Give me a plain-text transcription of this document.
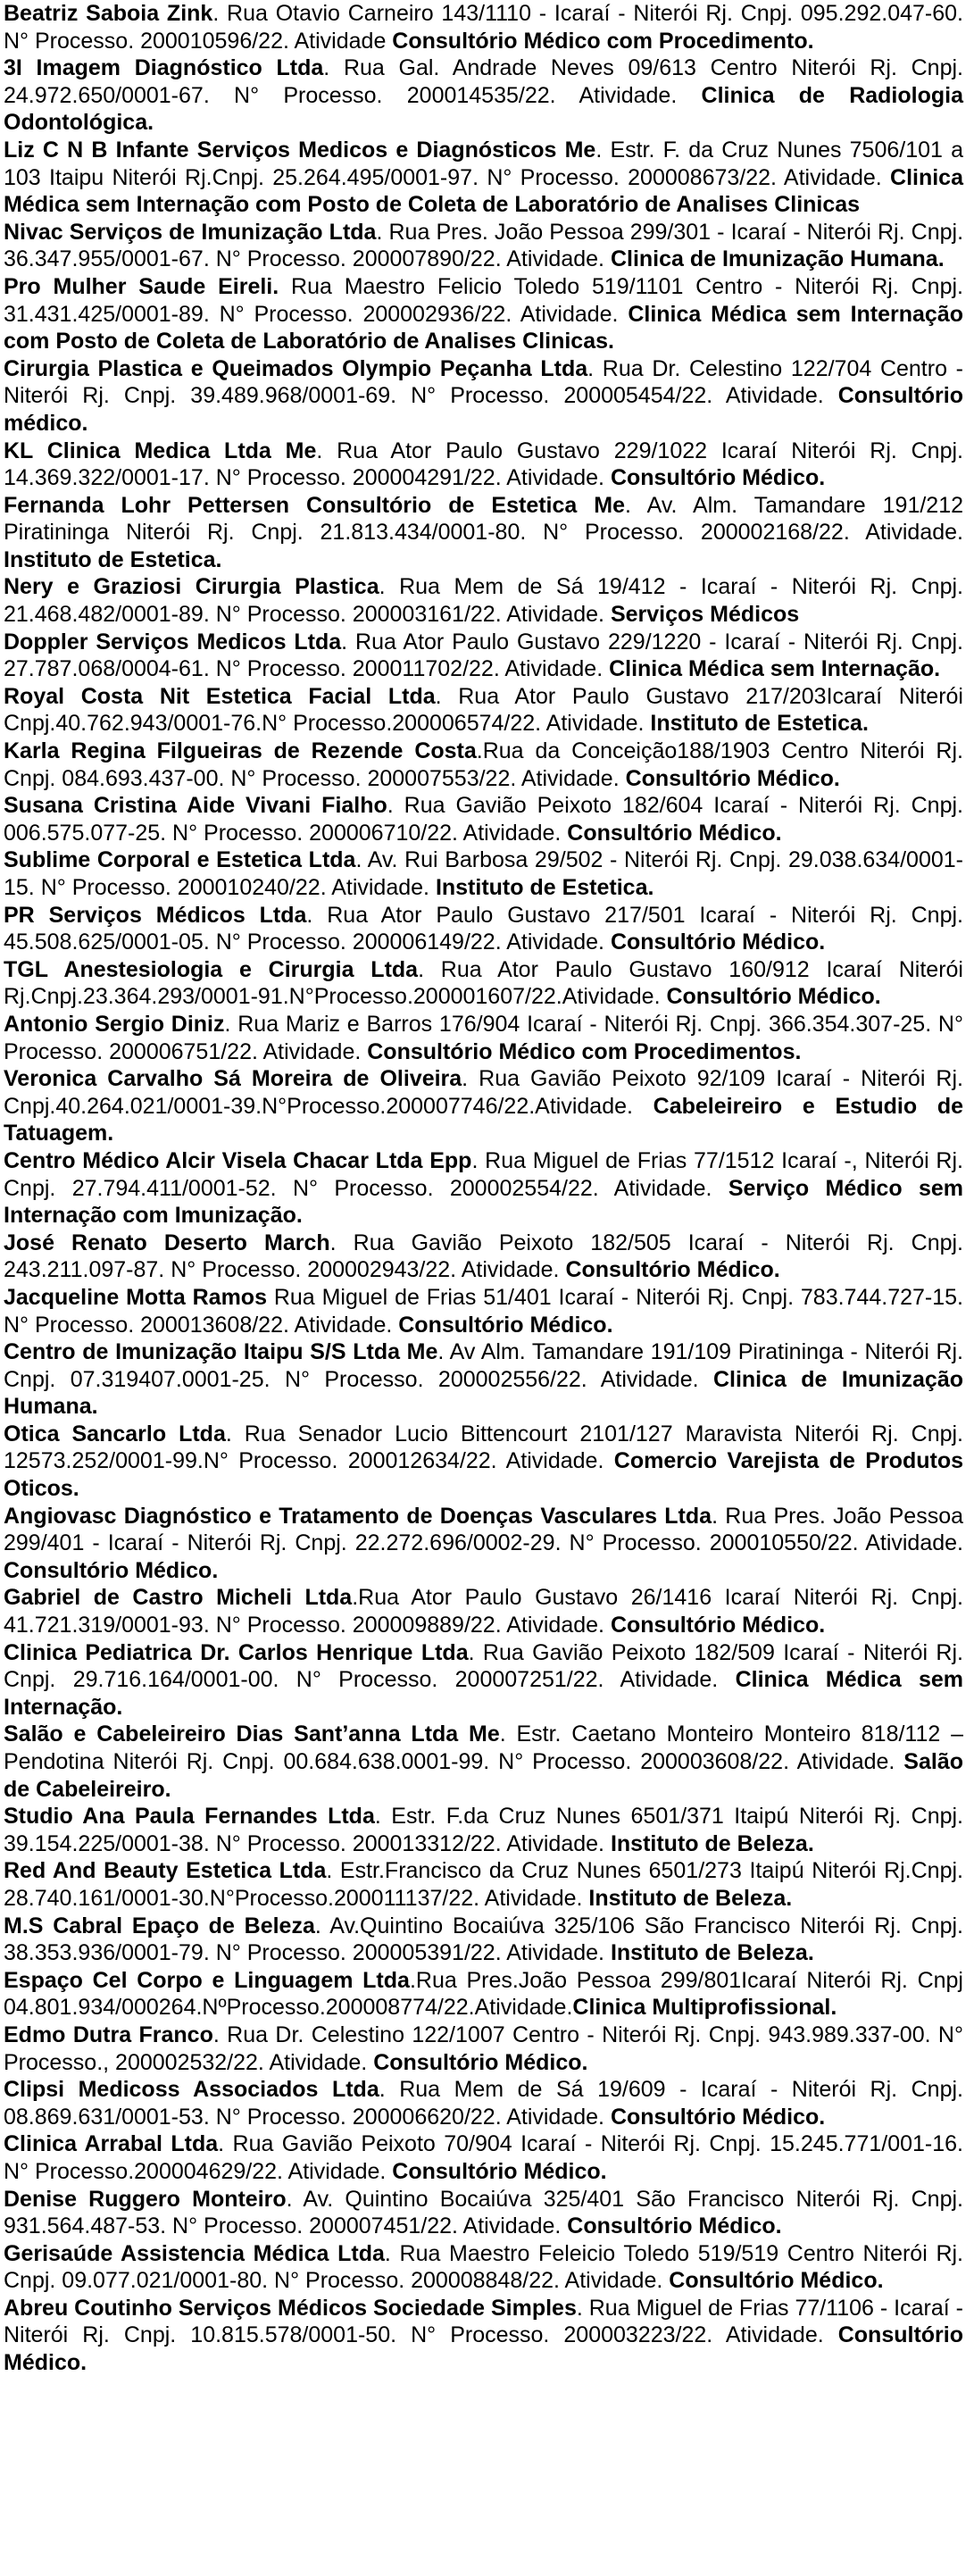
Beatriz Saboia Zink. Rua Otavio Carneiro 143/1110 - Icaraí - Niterói Rj. Cnpj. 095.292.047-60. N° Processo. 200010596/22. Atividade Consultório Médico com Procedimento.

3I Imagem Diagnóstico Ltda. Rua Gal. Andrade Neves 09/613 Centro Niterói Rj. Cnpj. 24.972.650/0001-67. N° Processo. 200014535/22. Atividade. Clinica de Radiologia Odontológica.

Liz C N B Infante Serviços Medicos e Diagnósticos Me. Estr. F. da Cruz Nunes 7506/101 a 103 Itaipu Niterói Rj.Cnpj. 25.264.495/0001-97. N° Processo. 200008673/22. Atividade. Clinica Médica sem Internação com Posto de Coleta de Laboratório de Analises Clinicas

Nivac Serviços de Imunização Ltda. Rua Pres. João Pessoa 299/301 - Icaraí - Niterói Rj. Cnpj. 36.347.955/0001-67. N° Processo. 200007890/22. Atividade. Clinica de Imunização Humana.

Pro Mulher Saude Eireli. Rua Maestro Felicio Toledo 519/1101 Centro - Niterói Rj. Cnpj. 31.431.425/0001-89. N° Processo. 200002936/22. Atividade. Clinica Médica sem Internação com Posto de Coleta de Laboratório de Analises Clinicas.

Cirurgia Plastica e Queimados Olympio Peçanha Ltda. Rua Dr. Celestino 122/704 Centro - Niterói Rj. Cnpj. 39.489.968/0001-69. N° Processo. 200005454/22. Atividade. Consultório médico.

KL Clinica Medica Ltda Me. Rua Ator Paulo Gustavo 229/1022 Icaraí Niterói Rj. Cnpj. 14.369.322/0001-17. N° Processo. 200004291/22. Atividade. Consultório Médico.

Fernanda Lohr Pettersen Consultório de Estetica Me. Av. Alm. Tamandare 191/212 Piratininga Niterói Rj. Cnpj. 21.813.434/0001-80. N° Processo. 200002168/22. Atividade. Instituto de Estetica.

Nery e Graziosi Cirurgia Plastica. Rua Mem de Sá 19/412 - Icaraí - Niterói Rj. Cnpj. 21.468.482/0001-89. N° Processo. 200003161/22. Atividade. Serviços Médicos

Doppler Serviços Medicos Ltda. Rua Ator Paulo Gustavo 229/1220 - Icaraí - Niterói Rj. Cnpj. 27.787.068/0004-61. N° Processo. 200011702/22. Atividade. Clinica Médica sem Internação.

Royal Costa Nit Estetica Facial Ltda. Rua Ator Paulo Gustavo 217/203Icaraí Niterói Cnpj.40.762.943/0001-76.N° Processo.200006574/22. Atividade. Instituto de Estetica.

Karla Regina Filgueiras de Rezende Costa.Rua da Conceição188/1903 Centro Niterói Rj. Cnpj. 084.693.437-00. N° Processo. 200007553/22. Atividade. Consultório Médico.

Susana Cristina Aide Vivani Fialho. Rua Gavião Peixoto 182/604 Icaraí - Niterói Rj. Cnpj. 006.575.077-25. N° Processo. 200006710/22. Atividade. Consultório Médico.

Sublime Corporal e Estetica Ltda. Av. Rui Barbosa 29/502 - Niterói Rj. Cnpj. 29.038.634/0001-15. N° Processo. 200010240/22. Atividade. Instituto de Estetica.

PR Serviços Médicos Ltda. Rua Ator Paulo Gustavo 217/501 Icaraí - Niterói Rj. Cnpj. 45.508.625/0001-05. N° Processo. 200006149/22. Atividade. Consultório Médico.

TGL Anestesiologia e Cirurgia Ltda. Rua Ator Paulo Gustavo 160/912 Icaraí Niterói Rj.Cnpj.23.364.293/0001-91.N°Processo.200001607/22.Atividade. Consultório Médico.

Antonio Sergio Diniz. Rua Mariz e Barros 176/904 Icaraí - Niterói Rj. Cnpj. 366.354.307-25. N° Processo. 200006751/22. Atividade. Consultório Médico com Procedimentos.

Veronica Carvalho Sá Moreira de Oliveira. Rua Gavião Peixoto 92/109 Icaraí - Niterói Rj. Cnpj.40.264.021/0001-39.N°Processo.200007746/22.Atividade. Cabeleireiro e Estudio de Tatuagem.

Centro Médico Alcir Visela Chacar Ltda Epp. Rua Miguel de Frias 77/1512 Icaraí -, Niterói Rj. Cnpj. 27.794.411/0001-52. N° Processo. 200002554/22. Atividade. Serviço Médico sem Internação com Imunização.

José Renato Deserto March. Rua Gavião Peixoto 182/505 Icaraí - Niterói Rj. Cnpj. 243.211.097-87. N° Processo. 200002943/22. Atividade. Consultório Médico.

Jacqueline Motta Ramos Rua Miguel de Frias 51/401 Icaraí - Niterói Rj. Cnpj. 783.744.727-15. N° Processo. 200013608/22. Atividade. Consultório Médico.

Centro de Imunização Itaipu S/S Ltda Me. Av Alm. Tamandare 191/109 Piratininga - Niterói Rj. Cnpj. 07.319407.0001-25. N° Processo. 200002556/22. Atividade. Clinica de Imunização Humana.

Otica Sancarlo Ltda. Rua Senador Lucio Bittencourt 2101/127 Maravista Niterói Rj. Cnpj. 12573.252/0001-99.N° Processo. 200012634/22. Atividade. Comercio Varejista de Produtos Oticos.

Angiovasc Diagnóstico e Tratamento de Doenças Vasculares Ltda. Rua Pres. João Pessoa 299/401 - Icaraí - Niterói Rj. Cnpj. 22.272.696/0002-29. N° Processo. 200010550/22. Atividade. Consultório Médico.

Gabriel de Castro Micheli Ltda.Rua Ator Paulo Gustavo 26/1416 Icaraí Niterói Rj. Cnpj. 41.721.319/0001-93. N° Processo. 200009889/22. Atividade. Consultório Médico.

Clinica Pediatrica Dr. Carlos Henrique Ltda. Rua Gavião Peixoto 182/509 Icaraí - Niterói Rj. Cnpj. 29.716.164/0001-00. N° Processo. 200007251/22. Atividade. Clinica Médica sem Internação.

Salão e Cabeleireiro Dias Sant’anna Ltda Me. Estr. Caetano Monteiro Monteiro 818/112 – Pendotina Niterói Rj. Cnpj. 00.684.638.0001-99. N° Processo. 200003608/22. Atividade. Salão de Cabeleireiro.

Studio Ana Paula Fernandes Ltda. Estr. F.da Cruz Nunes 6501/371 Itaipú Niterói Rj. Cnpj. 39.154.225/0001-38. N° Processo. 200013312/22. Atividade. Instituto de Beleza.

Red And Beauty Estetica Ltda. Estr.Francisco da Cruz Nunes 6501/273 Itaipú Niterói Rj.Cnpj. 28.740.161/0001-30.N°Processo.200011137/22. Atividade. Instituto de Beleza.

M.S Cabral Epaço de Beleza. Av.Quintino Bocaiúva 325/106 São Francisco Niterói Rj. Cnpj. 38.353.936/0001-79. N° Processo. 200005391/22. Atividade. Instituto de Beleza.

Espaço Cel Corpo e Linguagem Ltda.Rua Pres.João Pessoa 299/801Icaraí Niterói Rj. Cnpj 04.801.934/000264.NºProcesso.200008774/22.Atividade.Clinica Multiprofissional.

Edmo Dutra Franco. Rua Dr. Celestino 122/1007 Centro - Niterói Rj. Cnpj. 943.989.337-00. N° Processo., 200002532/22. Atividade. Consultório Médico.

Clipsi Medicoss Associados Ltda. Rua Mem de Sá 19/609 - Icaraí - Niterói Rj. Cnpj. 08.869.631/0001-53. N° Processo. 200006620/22. Atividade. Consultório Médico.

Clinica Arrabal Ltda. Rua Gavião Peixoto 70/904 Icaraí - Niterói Rj. Cnpj. 15.245.771/001-16. N° Processo.200004629/22. Atividade. Consultório Médico.

Denise Ruggero Monteiro. Av. Quintino Bocaiúva 325/401 São Francisco Niterói Rj. Cnpj. 931.564.487-53. N° Processo. 200007451/22. Atividade. Consultório Médico.

Gerisaúde Assistencia Médica Ltda. Rua Maestro Feleicio Toledo 519/519 Centro Niterói Rj. Cnpj. 09.077.021/0001-80. N° Processo. 200008848/22. Atividade. Consultório Médico.

Abreu Coutinho Serviços Médicos Sociedade Simples. Rua Miguel de Frias 77/1106 - Icaraí - Niterói Rj. Cnpj. 10.815.578/0001-50. N° Processo. 200003223/22. Atividade. Consultório Médico.
